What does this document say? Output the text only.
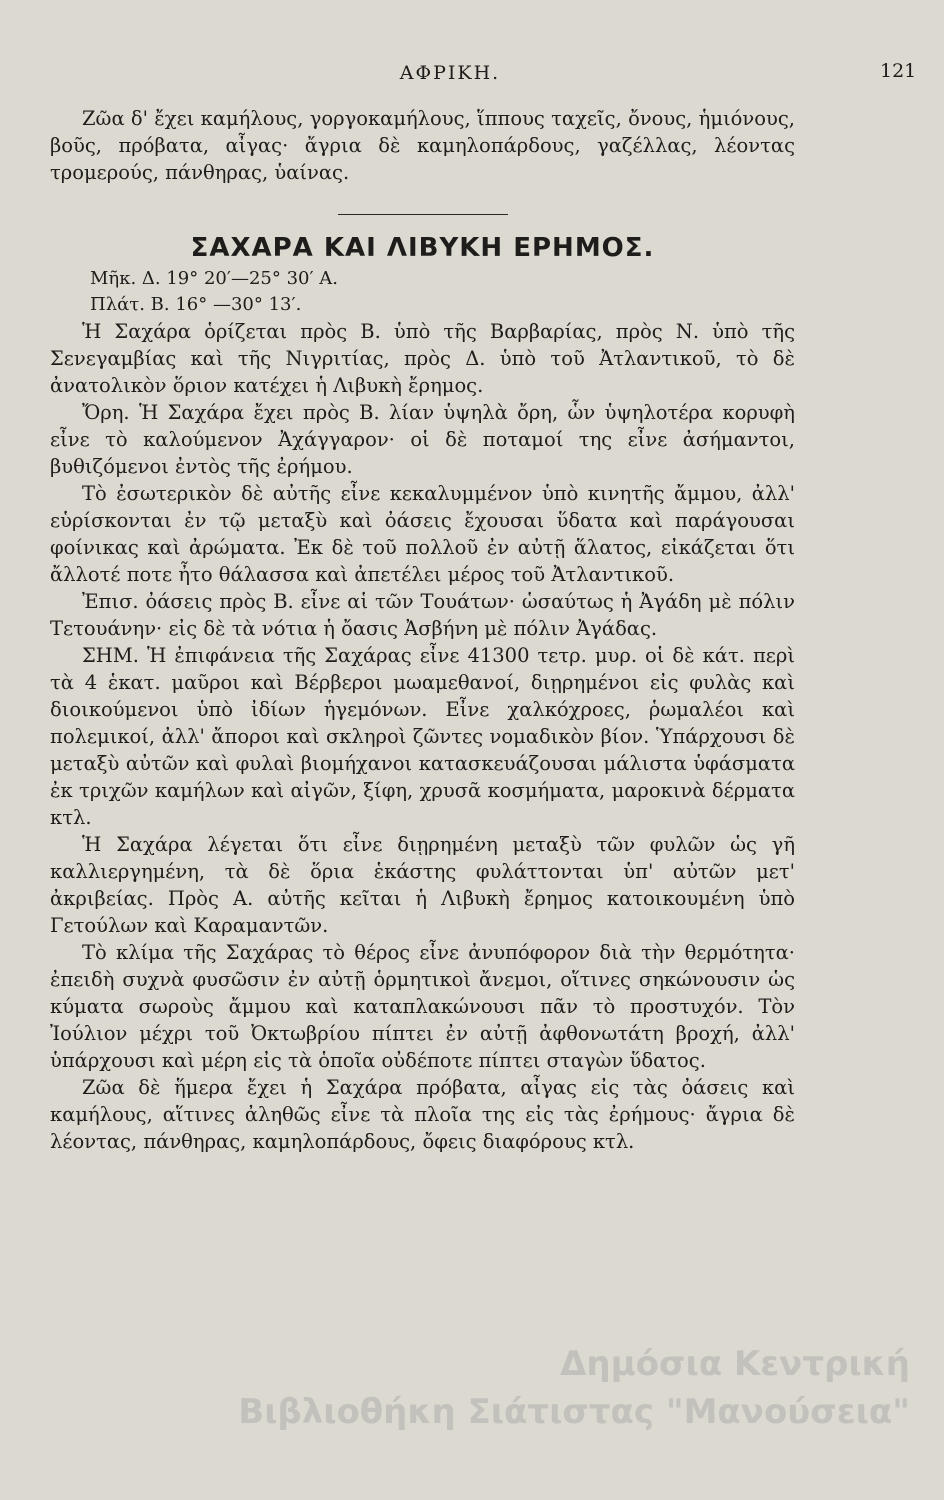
ΑΦΡΙΚΗ.	121

Ζῶα δ' ἔχει καμήλους, γοργοκαμήλους, ἵππους ταχεῖς, ὄνους, ἡμιόνους, βοῦς, πρόβατα, αἶγας· ἄγρια δὲ καμηλοπάρδους, γαζέλλας, λέοντας τρομερούς, πάνθηρας, ὑαίνας.

ΣΑΧΑΡΑ ΚΑΙ ΛΙΒΥΚΗ ΕΡΗΜΟΣ.
Μῆκ. Δ. 19° 20′—25° 30′ Α.
Πλάτ. Β. 16° —30° 13′.

Ἡ Σαχάρα ὁρίζεται πρὸς Β. ὑπὸ τῆς Βαρβαρίας, πρὸς Ν. ὑπὸ τῆς Σενεγαμβίας καὶ τῆς Νιγριτίας, πρὸς Δ. ὑπὸ τοῦ Ἀτλαντικοῦ, τὸ δὲ ἀνατολικὸν ὅριον κατέχει ἡ Λιβυκὴ ἔρημος.

Ὄρη. Ἡ Σαχάρα ἔχει πρὸς Β. λίαν ὑψηλὰ ὄρη, ὧν ὑψηλοτέρα κορυφὴ εἶνε τὸ καλούμενον Ἀχάγγαρον· οἱ δὲ ποταμοί της εἶνε ἀσήμαντοι, βυθιζόμενοι ἐντὸς τῆς ἐρήμου.

Τὸ ἐσωτερικὸν δὲ αὐτῆς εἶνε κεκαλυμμένον ὑπὸ κινητῆς ἄμμου, ἀλλ' εὑρίσκονται ἐν τῷ μεταξὺ καὶ ὀάσεις ἔχουσαι ὕδατα καὶ παράγουσαι φοίνικας καὶ ἀρώματα. Ἐκ δὲ τοῦ πολλοῦ ἐν αὐτῇ ἅλατος, εἰκάζεται ὅτι ἄλλοτέ ποτε ἦτο θάλασσα καὶ ἀπετέλει μέρος τοῦ Ἀτλαντικοῦ.

Ἐπισ. ὀάσεις πρὸς Β. εἶνε αἱ τῶν Τουάτων· ὡσαύτως ἡ Ἀγάδη μὲ πόλιν Τετουάνην· εἰς δὲ τὰ νότια ἡ ὄασις Ἀσβήνη μὲ πόλιν Ἀγάδας.

ΣΗΜ. Ἡ ἐπιφάνεια τῆς Σαχάρας εἶνε 41300 τετρ. μυρ. οἱ δὲ κάτ. περὶ τὰ 4 ἑκατ. μαῦροι καὶ Βέρβεροι μωαμεθανοί, διῃρημένοι εἰς φυλὰς καὶ διοικούμενοι ὑπὸ ἰδίων ἡγεμόνων. Εἶνε χαλκόχροες, ῥωμαλέοι καὶ πολεμικοί, ἀλλ' ἄποροι καὶ σκληροὶ ζῶντες νομαδικὸν βίον. Ὑπάρχουσι δὲ μεταξὺ αὐτῶν καὶ φυλαὶ βιομήχανοι κατασκευάζουσαι μάλιστα ὑφάσματα ἐκ τριχῶν καμήλων καὶ αἰγῶν, ξίφη, χρυσᾶ κοσμήματα, μαροκινὰ δέρματα κτλ.

Ἡ Σαχάρα λέγεται ὅτι εἶνε διῃρημένη μεταξὺ τῶν φυλῶν ὡς γῆ καλλιεργημένη, τὰ δὲ ὅρια ἑκάστης φυλάττονται ὑπ' αὐτῶν μετ' ἀκριβείας. Πρὸς Α. αὐτῆς κεῖται ἡ Λιβυκὴ ἔρημος κατοικουμένη ὑπὸ Γετούλων καὶ Καραμαντῶν.

Τὸ κλίμα τῆς Σαχάρας τὸ θέρος εἶνε ἀνυπόφορον διὰ τὴν θερμότητα· ἐπειδὴ συχνὰ φυσῶσιν ἐν αὐτῇ ὁρμητικοὶ ἄνεμοι, οἵτινες σηκώνουσιν ὡς κύματα σωροὺς ἄμμου καὶ καταπλακώνουσι πᾶν τὸ προστυχόν. Τὸν Ἰούλιον μέχρι τοῦ Ὀκτωβρίου πίπτει ἐν αὐτῇ ἀφθονωτάτη βροχή, ἀλλ' ὑπάρχουσι καὶ μέρη εἰς τὰ ὁποῖα οὐδέποτε πίπτει σταγὼν ὕδατος.

Ζῶα δὲ ἥμερα ἔχει ἡ Σαχάρα πρόβατα, αἶγας εἰς τὰς ὀάσεις καὶ καμήλους, αἵτινες ἀληθῶς εἶνε τὰ πλοῖα της εἰς τὰς ἐρήμους· ἄγρια δὲ λέοντας, πάνθηρας, καμηλοπάρδους, ὄφεις διαφόρους κτλ.

Δημόσια Κεντρική
Βιβλιοθήκη Σιάτιστας "Μανούσεια"
